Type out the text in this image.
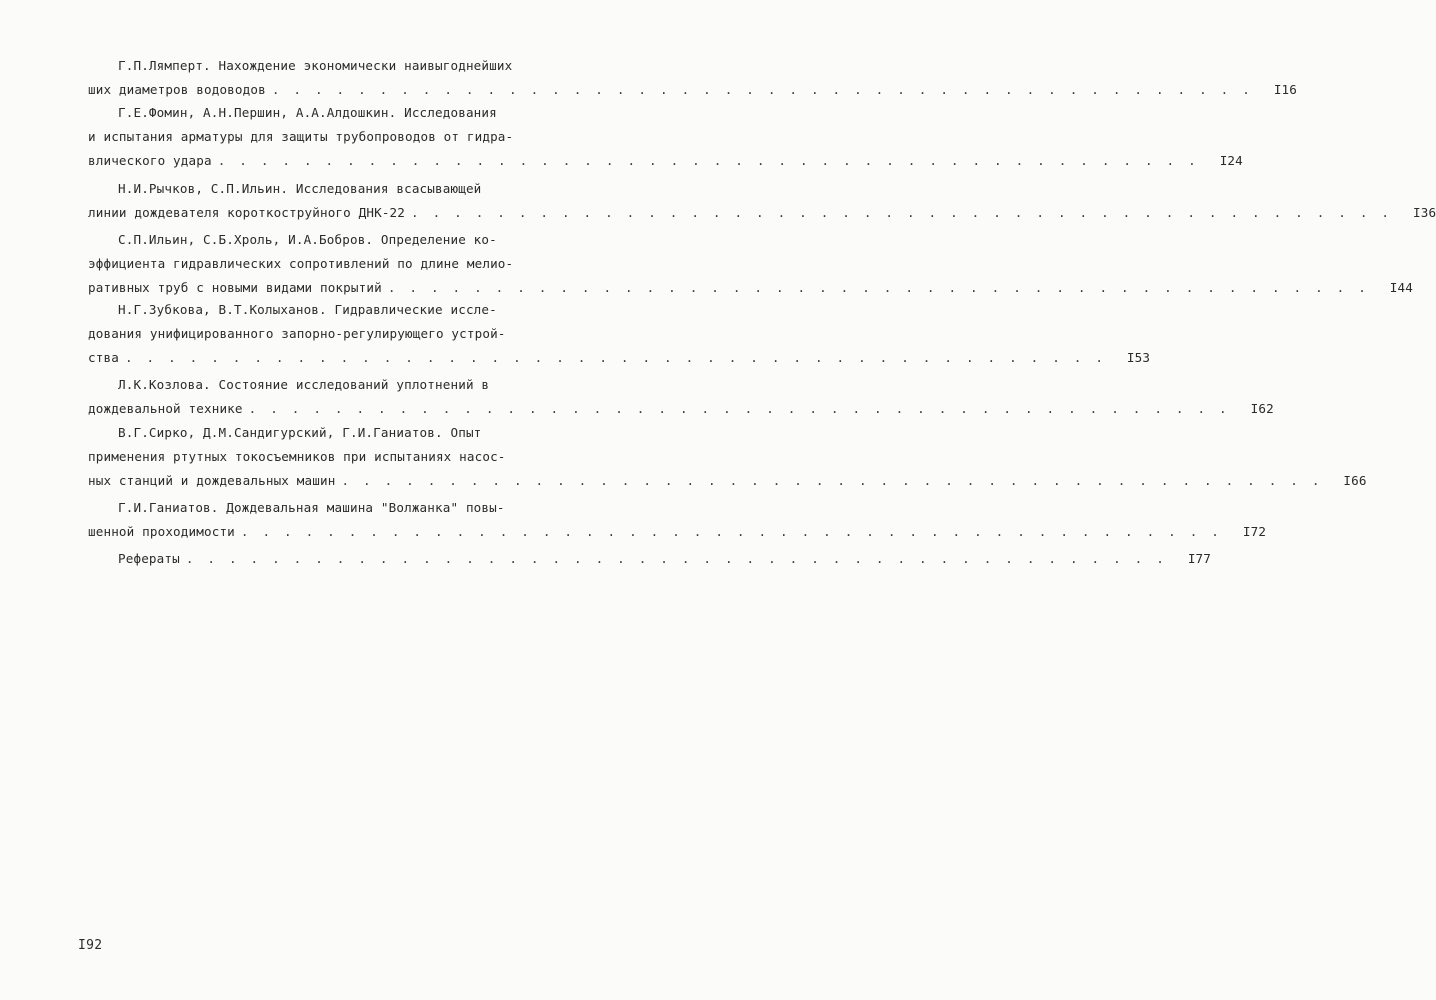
Г.П.Лямперт. Нахождение экономически наивыгоднейших
ших диаметров водоводов . . . . . . . . . . . . . . . . . . . . . . . . . . . . . . . . . . . . . . . . . . . . . .	I16
Г.Е.Фомин, А.Н.Першин, А.А.Алдошкин. Исследования
и испытания арматуры для защиты трубопроводов от гидра-
влического удара . . . . . . . . . . . . . . . . . . . . . . . . . . . . . . . . . . . . . . . . . . . . . .	I24
Н.И.Рычков, С.П.Ильин. Исследования всасывающей
линии дождевателя короткоструйного ДНК-22 . . . . . . . . . . . . . . . . . . . . . . . . . . . . . . . . . . . . . . . . . . . . . .	I36
С.П.Ильин, С.Б.Хроль, И.А.Бобров. Определение ко-
эффициента гидравлических сопротивлений по длине мелио-
ративных труб с новыми видами покрытий . . . . . . . . . . . . . . . . . . . . . . . . . . . . . . . . . . . . . . . . . . . . . .	I44
Н.Г.Зубкова, В.Т.Колыханов. Гидравлические иссле-
дования унифицированного запорно-регулирующего устрой-
ства . . . . . . . . . . . . . . . . . . . . . . . . . . . . . . . . . . . . . . . . . . . . . .	I53
Л.К.Козлова. Состояние исследований уплотнений в
дождевальной технике . . . . . . . . . . . . . . . . . . . . . . . . . . . . . . . . . . . . . . . . . . . . . .	I62
В.Г.Сирко, Д.М.Сандигурский, Г.И.Ганиатов. Опыт
применения ртутных токосъемников при испытаниях насос-
ных станций и дождевальных машин . . . . . . . . . . . . . . . . . . . . . . . . . . . . . . . . . . . . . . . . . . . . . .	I66
Г.И.Ганиатов. Дождевальная машина "Волжанка" повы-
шенной проходимости . . . . . . . . . . . . . . . . . . . . . . . . . . . . . . . . . . . . . . . . . . . . . .	I72
Рефераты . . . . . . . . . . . . . . . . . . . . . . . . . . . . . . . . . . . . . . . . . . . . . .	I77
I92
